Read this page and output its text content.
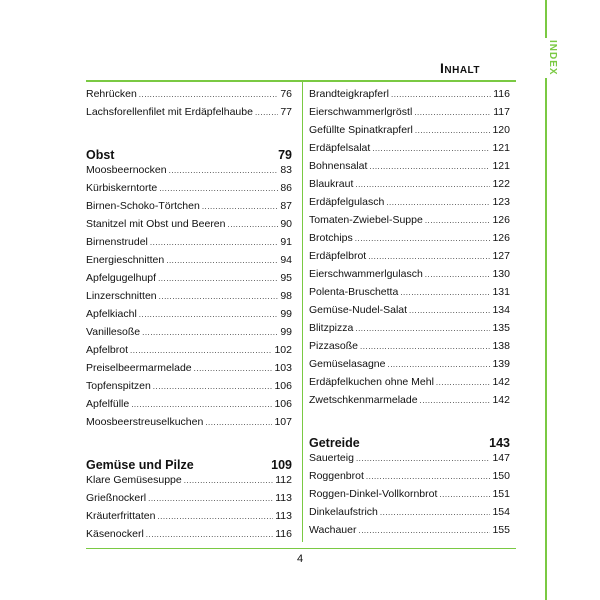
INDEX
Inhalt
Rehrücken .....	76
Lachsforellenfilet mit Erdäpfelhaube .....	77
Obst	79
Moosbeernocken .....	83
Kürbiskerntorte .....	86
Birnen-Schoko-Törtchen .....	87
Stanitzel mit Obst und Beeren .....	90
Birnenstrudel .....	91
Energieschnitten .....	94
Apfelgugelhupf .....	95
Linzerschnitten .....	98
Apfelkiachl .....	99
Vanillesoße .....	99
Apfelbrot .....	102
Preiselbeermarmelade .....	103
Topfenspitzen .....	106
Apfelfülle .....	106
Moosbeerstreuselkuchen .....	107
Gemüse und Pilze	109
Klare Gemüsesuppe .....	112
Grießnockerl .....	113
Kräuterfrittaten .....	113
Käsenockerl .....	116
Brandteigkrapferl .....	116
Eierschwammerlgröstl .....	117
Gefüllte Spinatkrapferl .....	120
Erdäpfelsalat .....	121
Bohnensalat .....	121
Blaukraut .....	122
Erdäpfelgulasch .....	123
Tomaten-Zwiebel-Suppe .....	126
Brotchips .....	126
Erdäpfelbrot .....	127
Eierschwammerlgulasch .....	130
Polenta-Bruschetta .....	131
Gemüse-Nudel-Salat .....	134
Blitzpizza .....	135
Pizzasoße .....	138
Gemüselasagne .....	139
Erdäpfelkuchen ohne Mehl .....	142
Zwetschkenmarmelade .....	142
Getreide	143
Sauerteig .....	147
Roggenbrot .....	150
Roggen-Dinkel-Vollkornbrot .....	151
Dinkelaufstrich .....	154
Wachauer .....	155
4
